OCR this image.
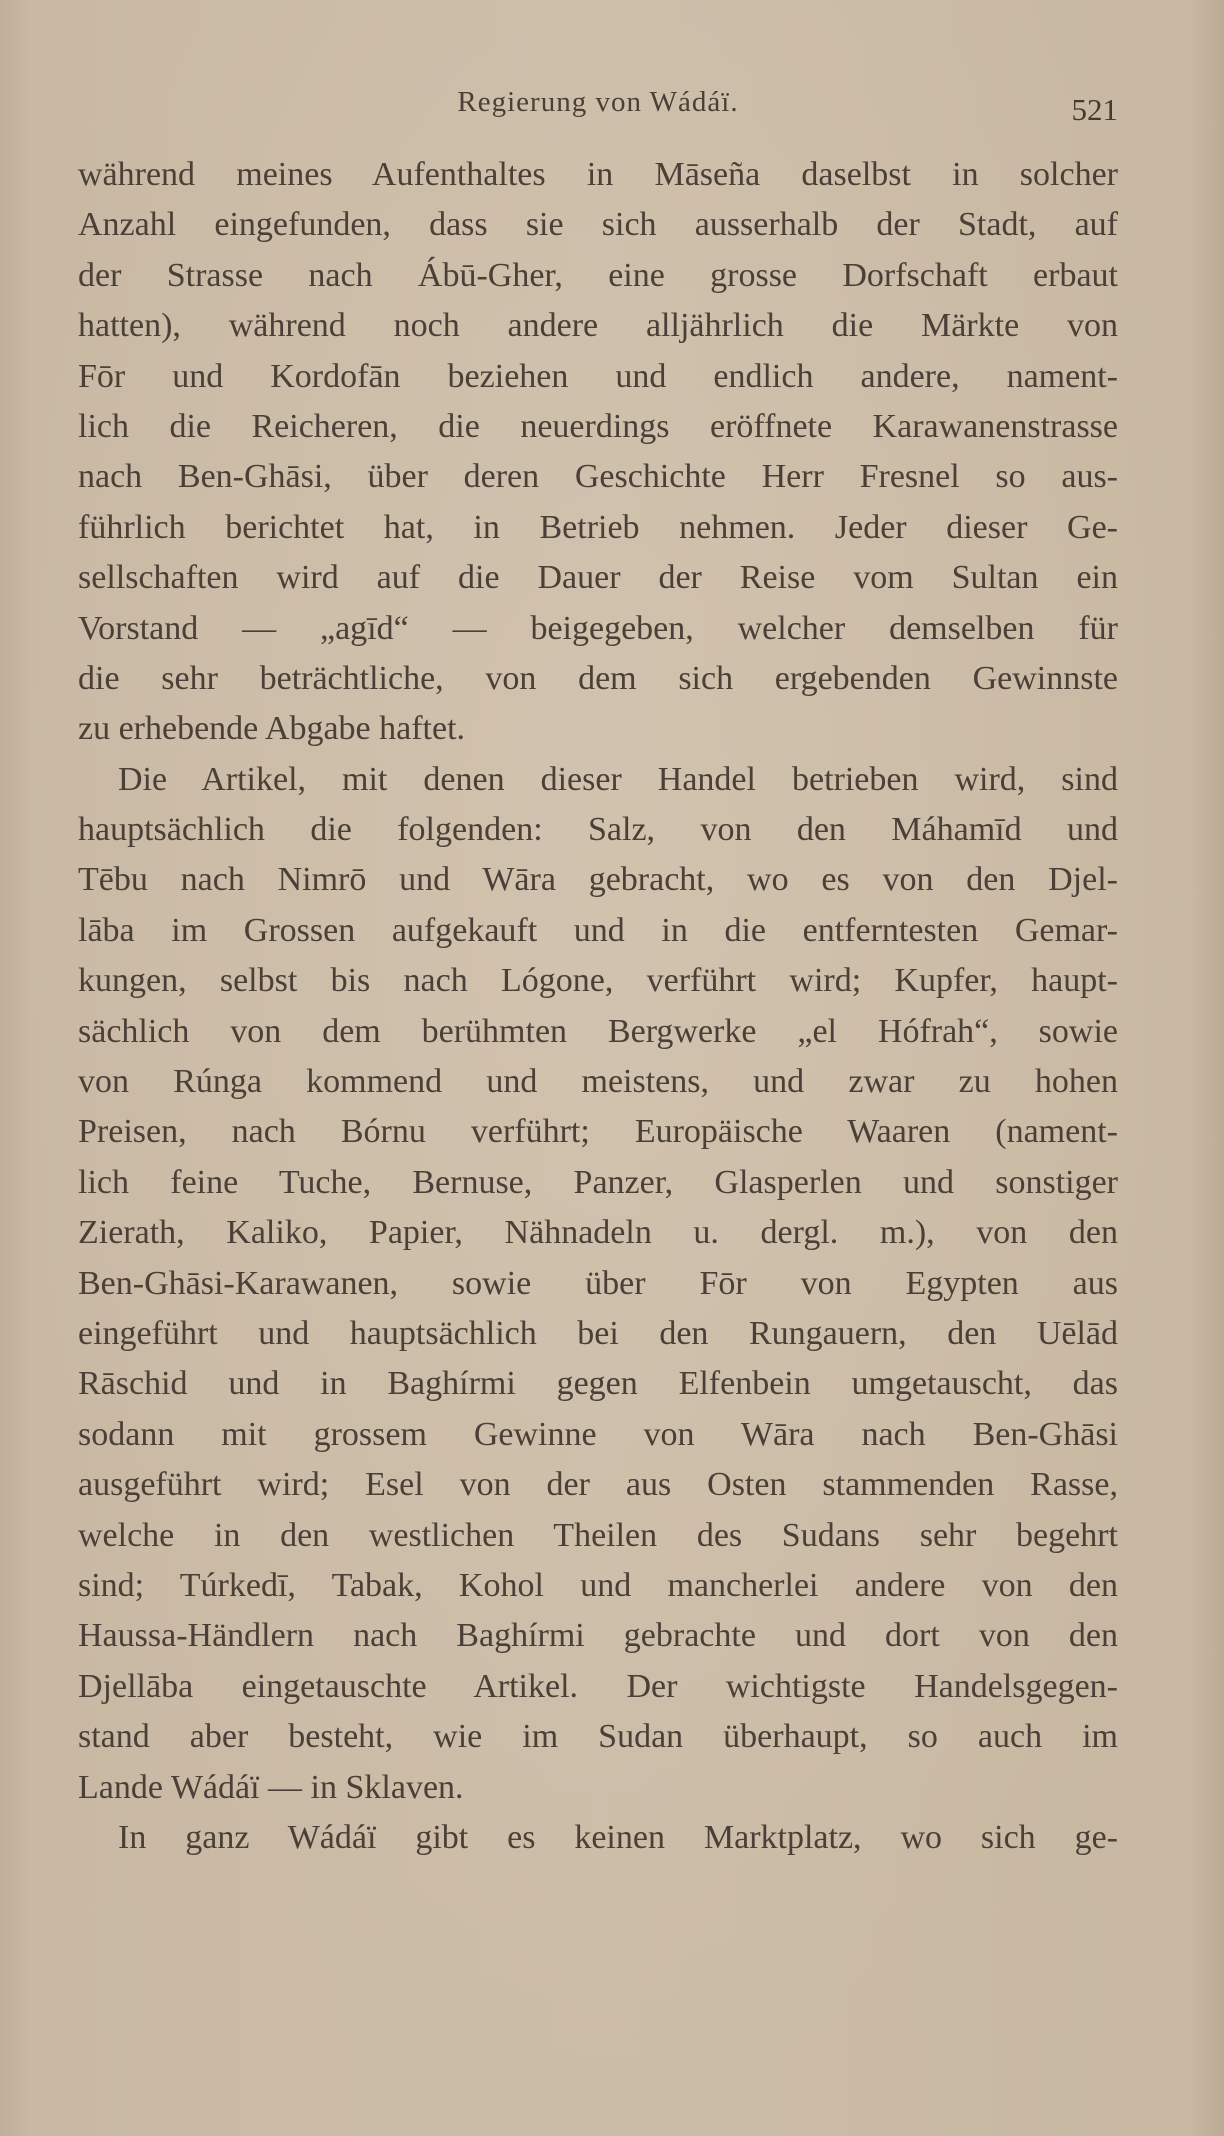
Regierung von Wádáï.	521
während meines Aufenthaltes in Māseña daselbst in solcher
Anzahl eingefunden, dass sie sich ausserhalb der Stadt, auf
der Strasse nach Ábū-Gher, eine grosse Dorfschaft erbaut
hatten), während noch andere alljährlich die Märkte von
Fōr und Kordofān beziehen und endlich andere, nament-
lich die Reicheren, die neuerdings eröffnete Karawanenstrasse
nach Ben-Ghāsi, über deren Geschichte Herr Fresnel so aus-
führlich berichtet hat, in Betrieb nehmen. Jeder dieser Ge-
sellschaften wird auf die Dauer der Reise vom Sultan ein
Vorstand — „agīd“ — beigegeben, welcher demselben für
die sehr beträchtliche, von dem sich ergebenden Gewinnste
zu erhebende Abgabe haftet.
Die Artikel, mit denen dieser Handel betrieben wird, sind
hauptsächlich die folgenden: Salz, von den Máhamīd und
Tēbu nach Nimrō und Wāra gebracht, wo es von den Djel-
lāba im Grossen aufgekauft und in die entferntesten Gemar-
kungen, selbst bis nach Lógone, verführt wird; Kupfer, haupt-
sächlich von dem berühmten Bergwerke „el Hófrah“, sowie
von Rúnga kommend und meistens, und zwar zu hohen
Preisen, nach Bórnu verführt; Europäische Waaren (nament-
lich feine Tuche, Bernuse, Panzer, Glasperlen und sonstiger
Zierath, Kaliko, Papier, Nähnadeln u. dergl. m.), von den
Ben-Ghāsi-Karawanen, sowie über Fōr von Egypten aus
eingeführt und hauptsächlich bei den Rungauern, den Uēlād
Rāschid und in Baghírmi gegen Elfenbein umgetauscht, das
sodann mit grossem Gewinne von Wāra nach Ben-Ghāsi
ausgeführt wird; Esel von der aus Osten stammenden Rasse,
welche in den westlichen Theilen des Sudans sehr begehrt
sind; Túrkedī, Tabak, Kohol und mancherlei andere von den
Haussa-Händlern nach Baghírmi gebrachte und dort von den
Djellāba eingetauschte Artikel. Der wichtigste Handelsgegen-
stand aber besteht, wie im Sudan überhaupt, so auch im
Lande Wádáï — in Sklaven.
In ganz Wádáï gibt es keinen Marktplatz, wo sich ge-
